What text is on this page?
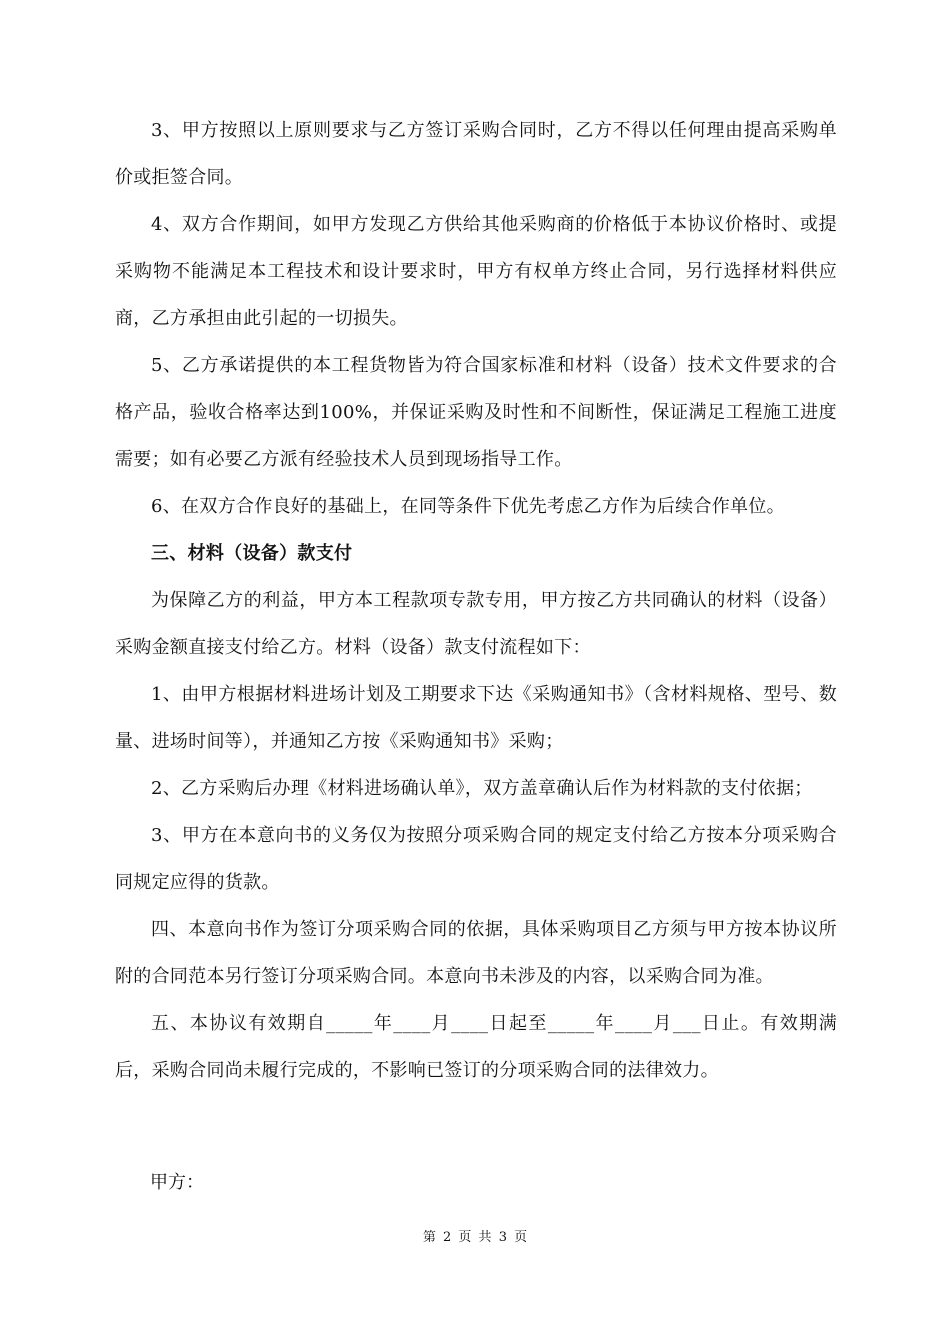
3、甲方按照以上原则要求与乙方签订采购合同时，乙方不得以任何理由提高采购单价或拒签合同。

4、双方合作期间，如甲方发现乙方供给其他采购商的价格低于本协议价格时、或提采购物不能满足本工程技术和设计要求时，甲方有权单方终止合同，另行选择材料供应商，乙方承担由此引起的一切损失。

5、乙方承诺提供的本工程货物皆为符合国家标准和材料（设备）技术文件要求的合格产品，验收合格率达到100%，并保证采购及时性和不间断性，保证满足工程施工进度需要；如有必要乙方派有经验技术人员到现场指导工作。

6、在双方合作良好的基础上，在同等条件下优先考虑乙方作为后续合作单位。

三、材料（设备）款支付

为保障乙方的利益，甲方本工程款项专款专用，甲方按乙方共同确认的材料（设备）采购金额直接支付给乙方。材料（设备）款支付流程如下：

1、由甲方根据材料进场计划及工期要求下达《采购通知书》（含材料规格、型号、数量、进场时间等），并通知乙方按《采购通知书》采购；

2、乙方采购后办理《材料进场确认单》，双方盖章确认后作为材料款的支付依据；

3、甲方在本意向书的义务仅为按照分项采购合同的规定支付给乙方按本分项采购合同规定应得的货款。

四、本意向书作为签订分项采购合同的依据，具体采购项目乙方须与甲方按本协议所附的合同范本另行签订分项采购合同。本意向书未涉及的内容，以采购合同为准。

五、本协议有效期自_____年____月____日起至_____年____月___日止。有效期满后，采购合同尚未履行完成的，不影响已签订的分项采购合同的法律效力。

甲方：
第 2 页 共 3 页
